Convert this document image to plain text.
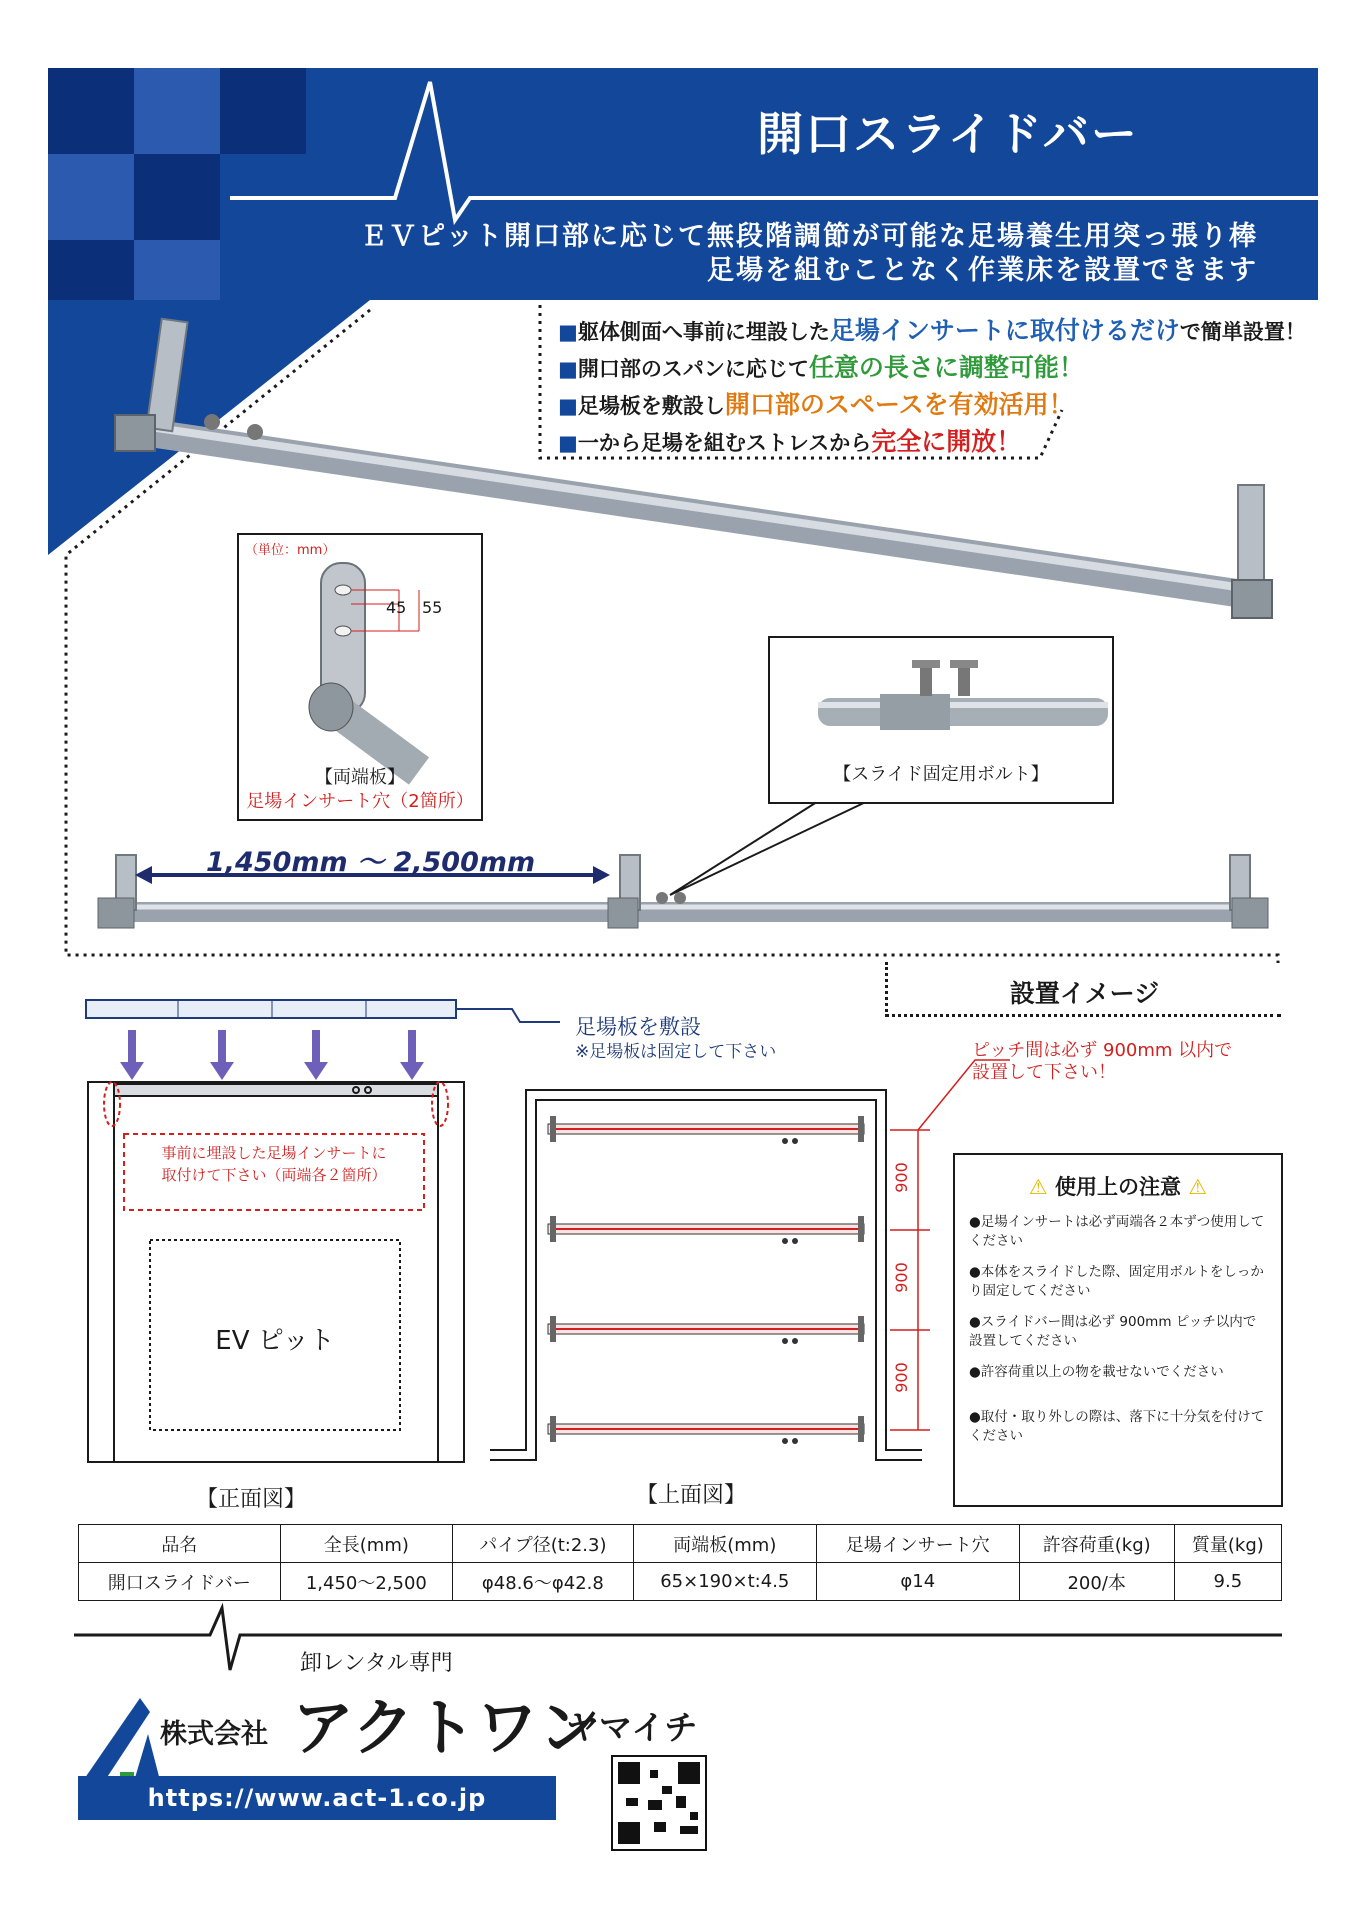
開口スライドバー
ＥＶピット開口部に応じて無段階調節が可能な足場養生用突っ張り棒
足場を組むことなく作業床を設置できます
■躯体側面へ事前に埋設した足場インサートに取付けるだけで簡単設置！
■開口部のスパンに応じて任意の長さに調整可能！
■足場板を敷設し開口部のスペースを有効活用！
■一から足場を組むストレスから完全に開放！
（単位：mm）
45 55
【両端板】
足場インサート穴（2箇所）
【スライド固定用ボルト】
1,450mm ～ 2,500mm
設置イメージ
足場板を敷設
※足場板は固定して下さい	ピッチ間は必ず 900mm 以内で
設置して下さい！
事前に埋設した足場インサートに
取付けて下さい（両端各２箇所）
EV ピット
900
900
900
【正面図】	【上面図】
⚠ 使用上の注意 ⚠
●足場インサートは必ず両端各２本ずつ使用してください
●本体をスライドした際、固定用ボルトをしっかり固定してください
●スライドバー間は必ず 900mm ピッチ以内で設置してください
●許容荷重以上の物を載せないでください
●取付・取り外しの際は、落下に十分気を付けてください
品名	全長(mm)	パイプ径(t:2.3)	両端板(mm)	足場インサート穴	許容荷重(kg)	質量(kg)
開口スライドバー	1,450～2,500	φ48.6～φ42.8	65×190×t:4.5	φ14	200/本	9.5
卸レンタル専門
株式会社 アクトワン
ヤマイチ
https://www.act-1.co.jp
